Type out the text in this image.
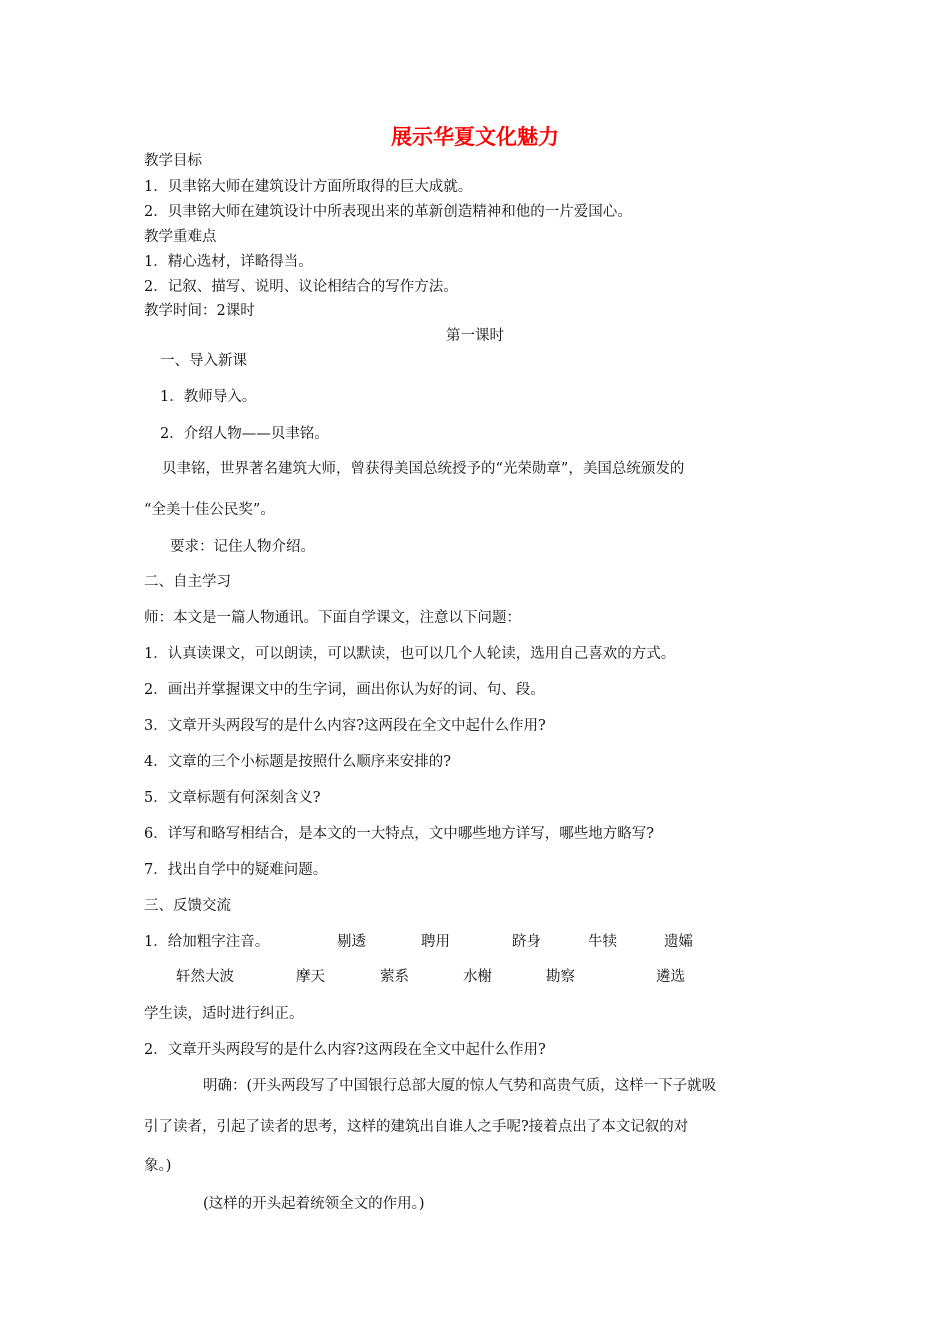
展示华夏文化魅力
教学目标
1．贝聿铭大师在建筑设计方面所取得的巨大成就。
2．贝聿铭大师在建筑设计中所表现出来的革新创造精神和他的一片爱国心。
教学重难点
1．精心选材，详略得当。
2．记叙、描写、说明、议论相结合的写作方法。
教学时间：2课时
第一课时
一、导入新课
1．教师导入。
2．介绍人物——贝聿铭。
贝聿铭，世界著名建筑大师，曾获得美国总统授予的“光荣勋章”，美国总统颁发的
“全美十佳公民奖”。
要求：记住人物介绍。
二、自主学习
师：本文是一篇人物通讯。下面自学课文，注意以下问题：
1．认真读课文，可以朗读，可以默读，也可以几个人轮读，选用自己喜欢的方式。
2．画出并掌握课文中的生字词，画出你认为好的词、句、段。
3．文章开头两段写的是什么内容?这两段在全文中起什么作用?
4．文章的三个小标题是按照什么顺序来安排的?
5．文章标题有何深刻含义?
6．详写和略写相结合，是本文的一大特点，文中哪些地方详写，哪些地方略写?
7．找出自学中的疑难问题。
三、反馈交流
1．给加粗字注音。	剔透	聘用	跻身	牛犊	遗孀
轩然大波	摩天	萦系	水榭	勘察	遴选
学生读，适时进行纠正。
2．文章开头两段写的是什么内容?这两段在全文中起什么作用?
明确：(开头两段写了中国银行总部大厦的惊人气势和高贵气质，这样一下子就吸
引了读者，引起了读者的思考，这样的建筑出自谁人之手呢?接着点出了本文记叙的对
象。)
(这样的开头起着统领全文的作用。)
